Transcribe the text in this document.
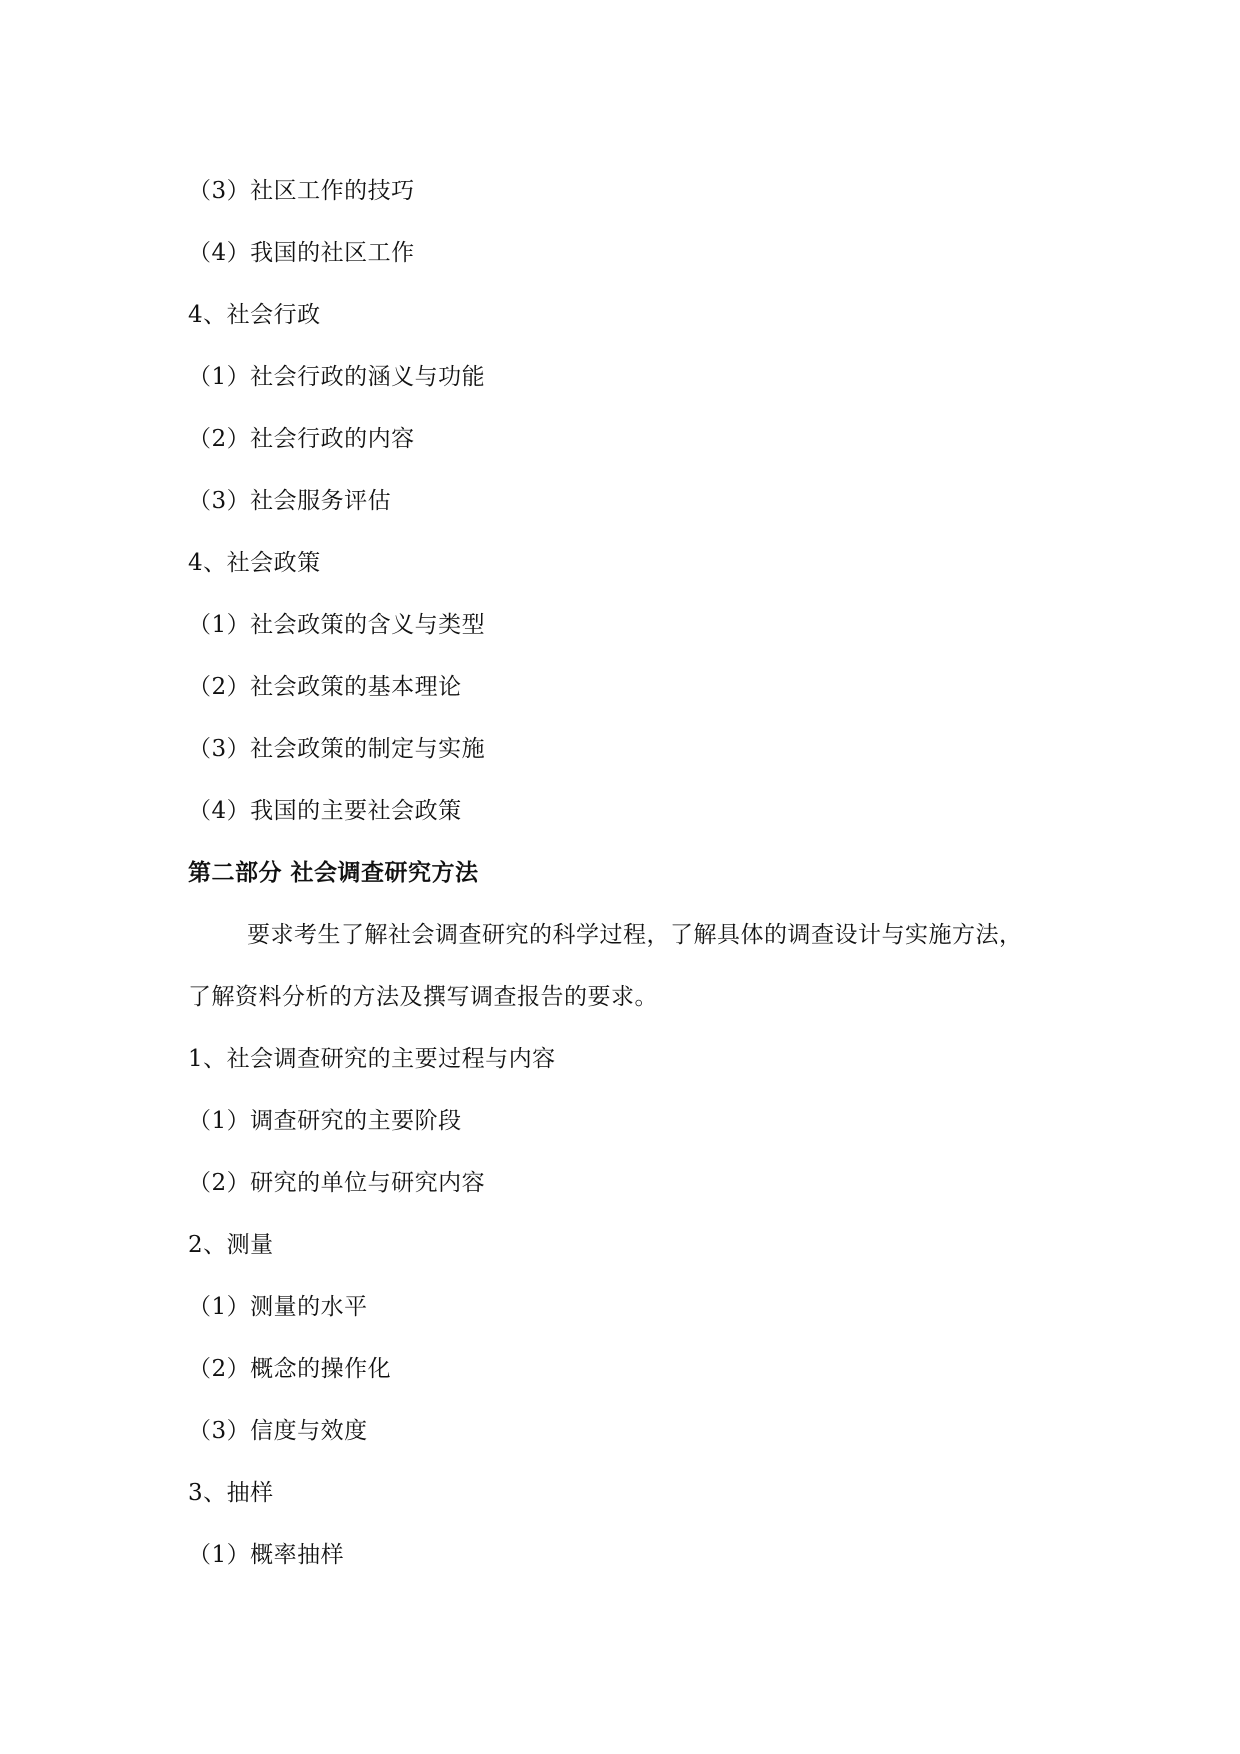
（3）社区工作的技巧
（4）我国的社区工作
4、社会行政
（1）社会行政的涵义与功能
（2）社会行政的内容
（3）社会服务评估
4、社会政策
（1）社会政策的含义与类型
（2）社会政策的基本理论
（3）社会政策的制定与实施
（4）我国的主要社会政策
第二部分 社会调查研究方法
要求考生了解社会调查研究的科学过程，了解具体的调查设计与实施方法，
了解资料分析的方法及撰写调查报告的要求。
1、社会调查研究的主要过程与内容
（1）调查研究的主要阶段
（2）研究的单位与研究内容
2、测量
（1）测量的水平
（2）概念的操作化
（3）信度与效度
3、抽样
（1）概率抽样
